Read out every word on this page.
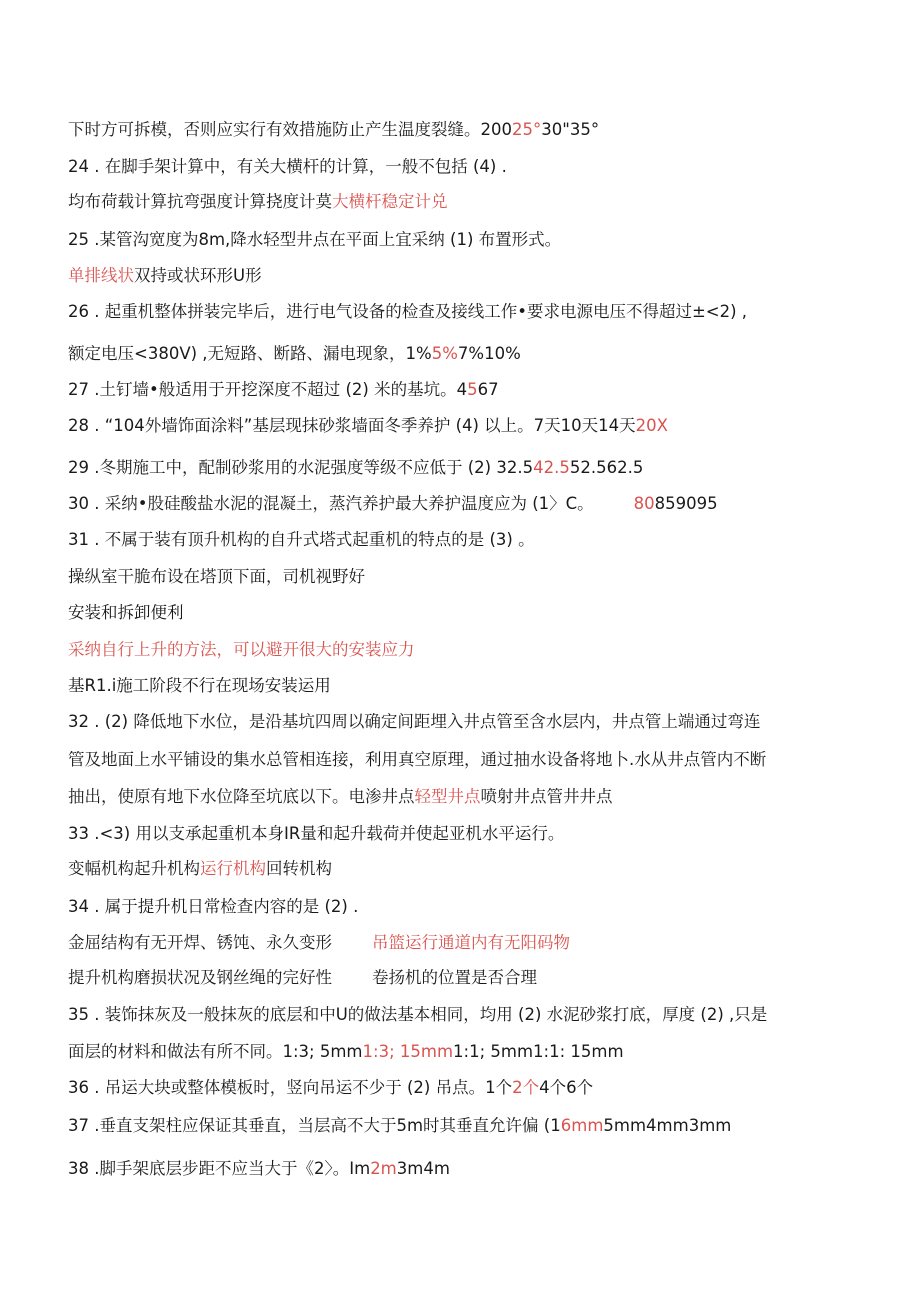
下时方可拆模，否则应实行有效措施防止产生温度裂缝。20025°30"35°
24 . 在脚手架计算中，有关大横杆的计算，一般不包括 (4) .
均布荷载计算抗弯强度计算挠度计莫大横杆稳定计兑
25 .某管沟宽度为8m,降水轻型井点在平面上宜采纳 (1) 布置形式。
单排线状双持或状环形U形
26 . 起重机整体拼装完毕后，进行电气设备的检查及接线工作•要求电源电压不得超过±<2) ,
额定电压<380V) ,无短路、断路、漏电现象，1%5%7%10%
27 .土钉墙•般适用于开挖深度不超过 (2) 米的基坑。4567
28 . “104外墙饰面涂料”基层现抹砂浆墙面冬季养护 (4) 以上。7天10天14天20X
29 .冬期施工中，配制砂浆用的水泥强度等级不应低于 (2) 32.542.552.562.5
30 . 采纳•股硅酸盐水泥的混凝土，蒸汽养护最大养护温度应为 (1〉C。 80859095
31 . 不属于装有顶升机构的自升式塔式起重机的特点的是 (3) 。
操纵室干脆布设在塔顶下面，司机视野好
安装和拆卸便利
采纳自行上升的方法，可以避开很大的安装应力
基R1.i施工阶段不行在现场安装运用
32 . (2) 降低地下水位，是沿基坑四周以确定间距埋入井点管至含水层内，井点管上端通过弯连
管及地面上水平铺设的集水总管相连接，利用真空原理，通过抽水设备将地卜.水从井点管内不断
抽出，使原有地下水位降至坑底以下。电渗井点轻型井点喷射井点管井井点
33 .<3) 用以支承起重机本身IR量和起升载荷并使起亚机水平运行。
变幅机构起升机构运行机构回转机构
34 . 属于提升机日常检查内容的是 (2) .
金屈结构有无开焊、锈饨、永久变形 吊篮运行通道内有无阳码物
提升机构磨损状况及钢丝绳的完好性 卷扬机的位置是否合理
35 . 装饰抹灰及一般抹灰的底层和中U的做法基本相同，均用 (2) 水泥砂浆打底，厚度 (2) ,只是
面层的材料和做法有所不同。1:3; 5mm1:3; 15mm1:1; 5mm1:1: 15mm
36 . 吊运大块或整体模板时，竖向吊运不少于 (2) 吊点。1个2个4个6个
37 .垂直支架柱应保证其垂直，当层高不大于5m时其垂直允许偏 (16mm5mm4mm3mm
38 .脚手架底层步距不应当大于《2〉。Im2m3m4m
